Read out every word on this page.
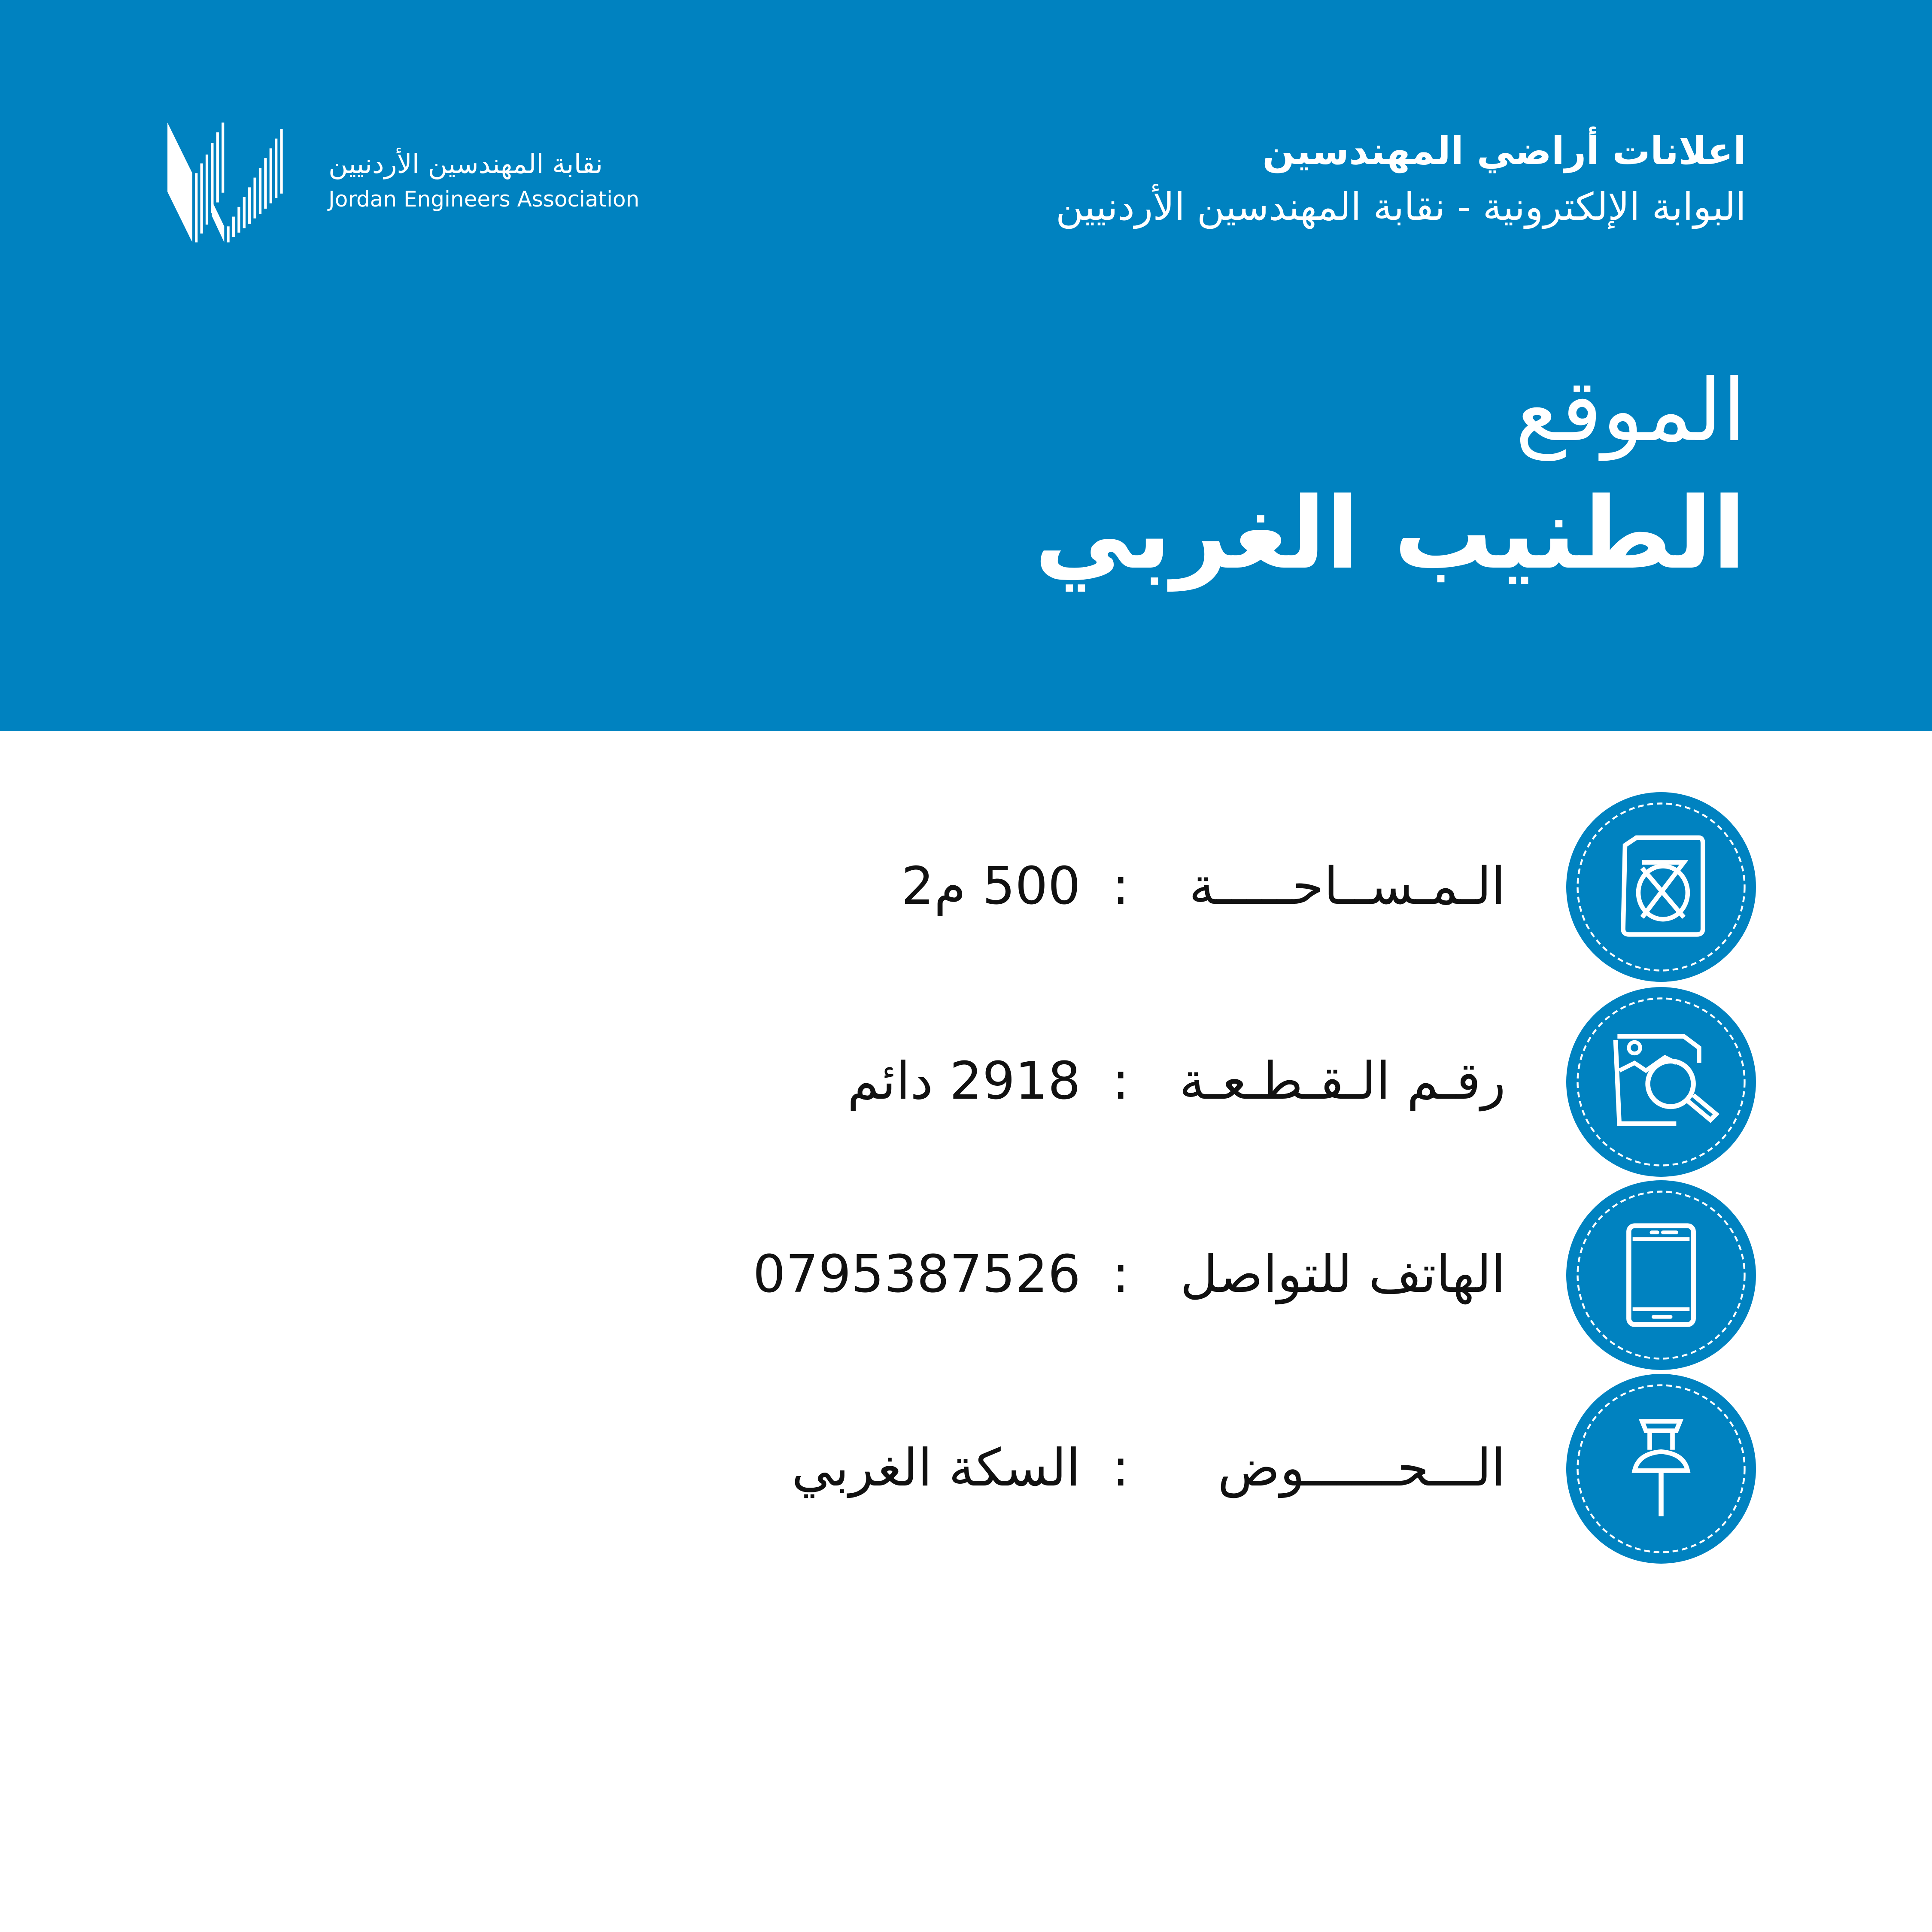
نقابة المهندسين الأردنيين
Jordan Engineers Association
اعلانات أراضي المهندسين
البوابة الإلكترونية - نقابة المهندسين الأردنيين
الموقع
الطنيب الغربي
الـمـســاحـــــة
:
500 م2
رقـم الـقـطـعـة
:
2918 دائم
الهاتف للتواصل
:
0795387526
الـــحــــــوض
:
السكة الغربي
